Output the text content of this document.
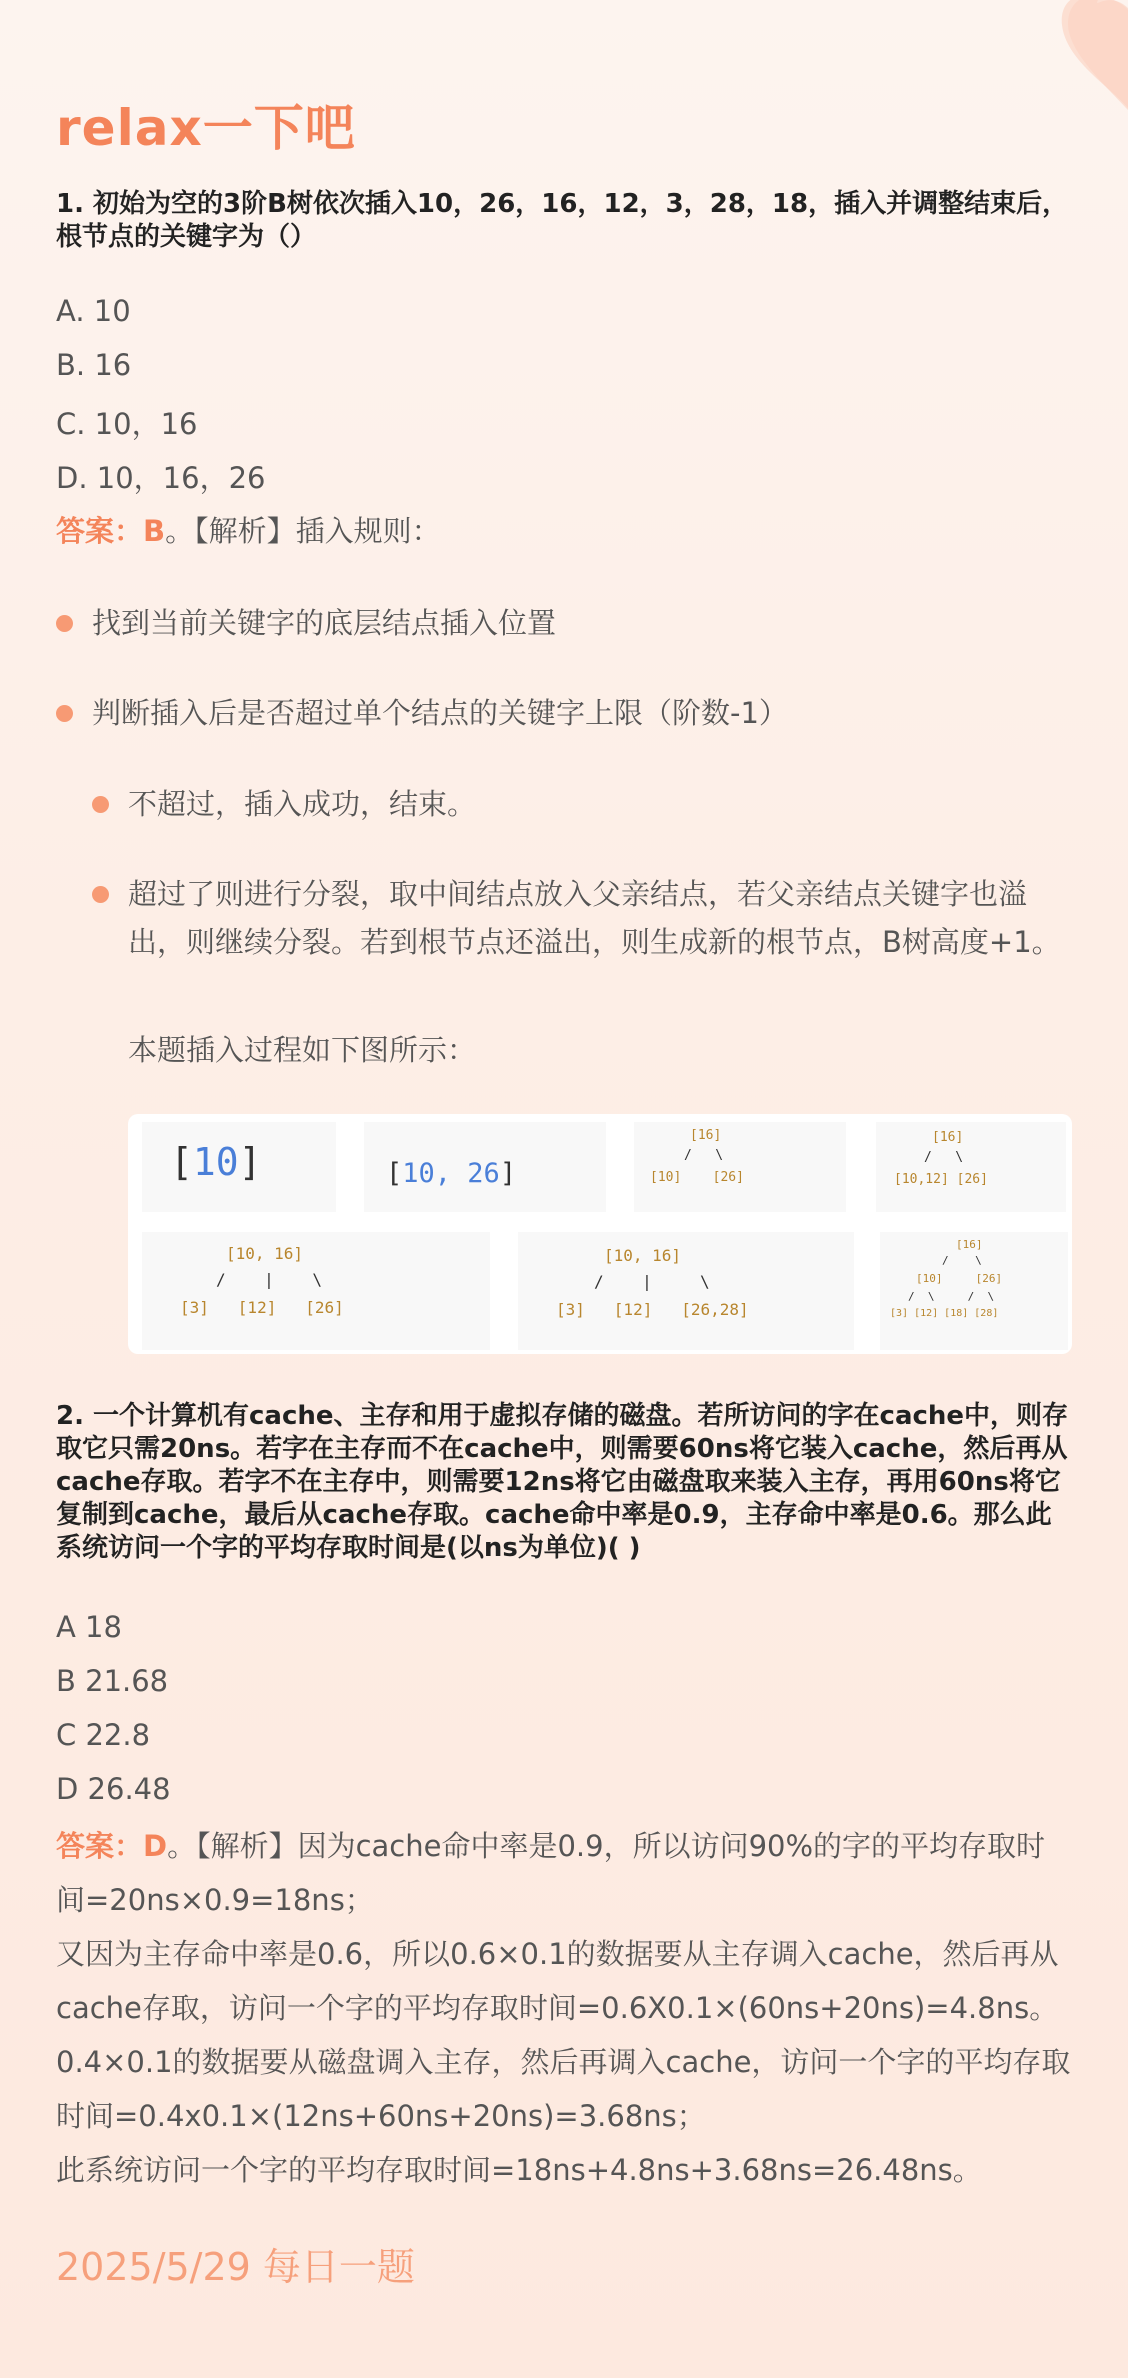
relax一下吧
1. 初始为空的3阶B树依次插入10，26，16，12，3，28，18，插入并调整结束后，根节点的关键字为（）
A. 10
B. 16
C. 10，16
D. 10，16，26
答案：B。【解析】插入规则：
找到当前关键字的底层结点插入位置
判断插入后是否超过单个结点的关键字上限（阶数-1）
不超过，插入成功，结束。
超过了则进行分裂，取中间结点放入父亲结点，若父亲结点关键字也溢出，则继续分裂。若到根节点还溢出，则生成新的根节点，B树高度+1。
本题插入过程如下图所示：
[10]	[10, 26]
[16]
/   \
[10]    [26]
[16]
/   \
[10,12] [26]
[10, 16]
/    |    \
[3]   [12]   [26]
[10, 16]
/    |     \
[3]   [12]   [26,28]
[16]
/    \
[10]     [26]
/  \     /  \
[3] [12] [18] [28]
2. 一个计算机有cache、主存和用于虚拟存储的磁盘。若所访问的字在cache中，则存取它只需20ns。若字在主存而不在cache中，则需要60ns将它装入cache，然后再从cache存取。若字不在主存中，则需要12ns将它由磁盘取来装入主存，再用60ns将它复制到cache，最后从cache存取。cache命中率是0.9，主存命中率是0.6。那么此系统访问一个字的平均存取时间是(以ns为单位)( )
A 18
B 21.68
C 22.8
D 26.48
答案：D。【解析】因为cache命中率是0.9，所以访问90%的字的平均存取时间=20ns×0.9=18ns；
又因为主存命中率是0.6，所以0.6×0.1的数据要从主存调入cache，然后再从cache存取，访问一个字的平均存取时间=0.6X0.1×(60ns+20ns)=4.8ns。
0.4×0.1的数据要从磁盘调入主存，然后再调入cache，访问一个字的平均存取时间=0.4x0.1×(12ns+60ns+20ns)=3.68ns；
此系统访问一个字的平均存取时间=18ns+4.8ns+3.68ns=26.48ns。
2025/5/29 每日一题
